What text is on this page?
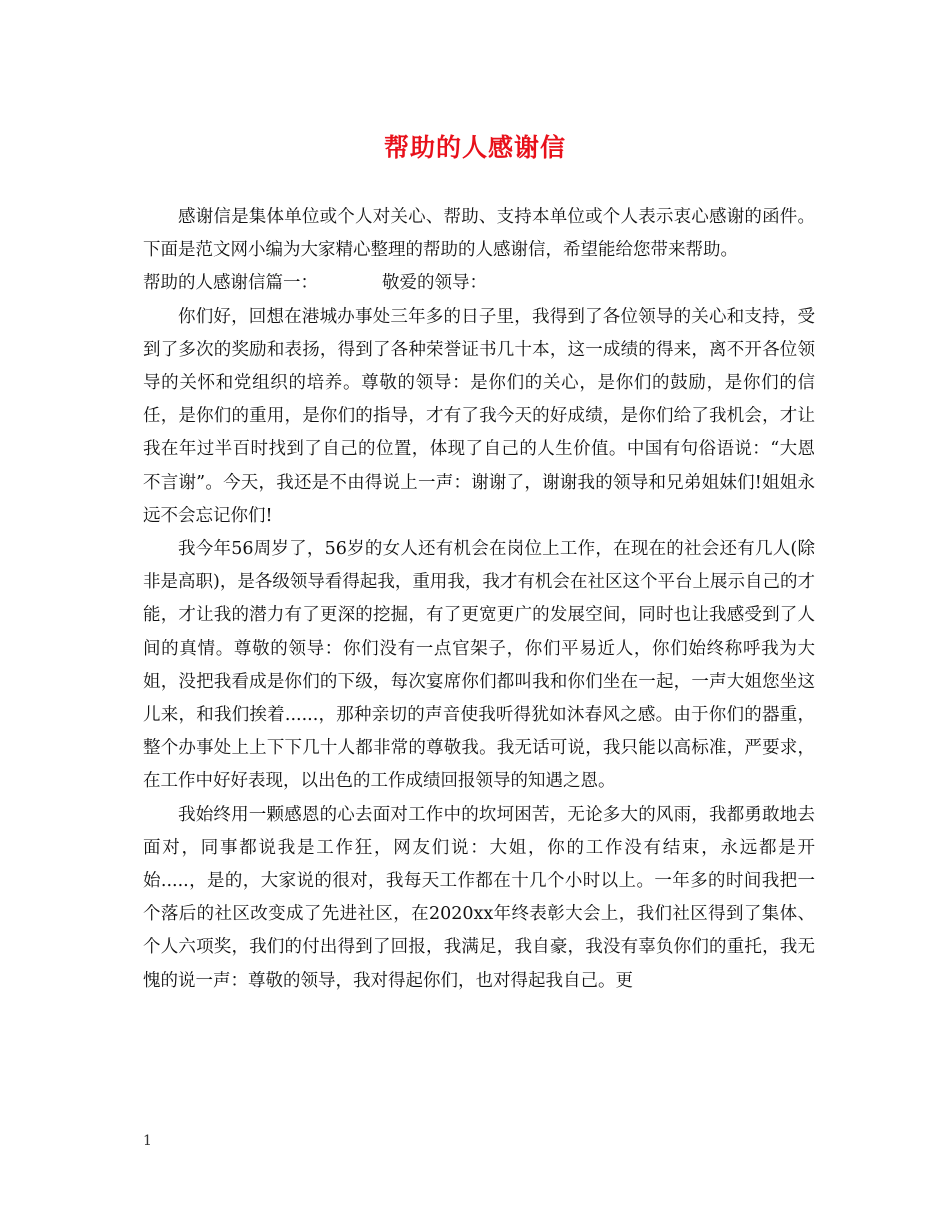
帮助的人感谢信

感谢信是集体单位或个人对关心、帮助、支持本单位或个人表示衷心感谢的函件。下面是范文网小编为大家精心整理的帮助的人感谢信，希望能给您带来帮助。

帮助的人感谢信篇一：	敬爱的领导：

你们好，回想在港城办事处三年多的日子里，我得到了各位领导的关心和支持，受到了多次的奖励和表扬，得到了各种荣誉证书几十本，这一成绩的得来，离不开各位领导的关怀和党组织的培养。尊敬的领导：是你们的关心，是你们的鼓励，是你们的信任，是你们的重用，是你们的指导，才有了我今天的好成绩，是你们给了我机会，才让我在年过半百时找到了自己的位置，体现了自己的人生价值。中国有句俗语说：“大恩不言谢”。今天，我还是不由得说上一声：谢谢了，谢谢我的领导和兄弟姐妹们!姐姐永远不会忘记你们!

我今年56周岁了，56岁的女人还有机会在岗位上工作，在现在的社会还有几人(除非是高职)，是各级领导看得起我，重用我，我才有机会在社区这个平台上展示自己的才能，才让我的潜力有了更深的挖掘，有了更宽更广的发展空间，同时也让我感受到了人间的真情。尊敬的领导：你们没有一点官架子，你们平易近人，你们始终称呼我为大姐，没把我看成是你们的下级，每次宴席你们都叫我和你们坐在一起，一声大姐您坐这儿来，和我们挨着......，那种亲切的声音使我听得犹如沐春风之感。由于你们的器重，整个办事处上上下下几十人都非常的尊敬我。我无话可说，我只能以高标准，严要求，在工作中好好表现，以出色的工作成绩回报领导的知遇之恩。

我始终用一颗感恩的心去面对工作中的坎坷困苦，无论多大的风雨，我都勇敢地去面对，同事都说我是工作狂，网友们说：大姐，你的工作没有结束，永远都是开始.....，是的，大家说的很对，我每天工作都在十几个小时以上。一年多的时间我把一个落后的社区改变成了先进社区，在2020xx年终表彰大会上，我们社区得到了集体、个人六项奖，我们的付出得到了回报，我满足，我自豪，我没有辜负你们的重托，我无愧的说一声：尊敬的领导，我对得起你们，也对得起我自己。更

1
